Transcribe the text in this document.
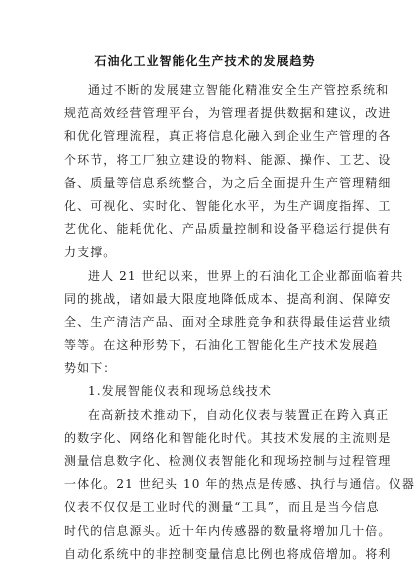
石油化工业智能化生产技术的发展趋势
通过不断的发展建立智能化精准安全生产管控系统和
规范高效经营管理平台，为管理者提供数据和建议，改进
和优化管理流程，真正将信息化融入到企业生产管理的各
个环节，将工厂独立建设的物料、能源、操作、工艺、设
备、质量等信息系统整合，为之后全面提升生产管理精细
化、可视化、实时化、智能化水平，为生产调度指挥、工
艺优化、能耗优化、产品质量控制和设备平稳运行提供有
力支撑。
进人 21 世纪以来，世界上的石油化工企业都面临着共
同的挑战，诸如最大限度地降低成本、提高利润、保障安
全、生产清洁产品、面对全球胜竞争和获得最佳运营业绩
等等。在这种形势下，石油化工智能化生产技术发展趋
势如下：
1.发展智能仪表和现场总线技术
在高新技术推动下，自动化仪表与装置正在跨入真正
的数字化、网络化和智能化时代。其技术发展的主流则是
测量信息数字化、检测仪表智能化和现场控制与过程管理
一体化。21 世纪头 10 年的热点是传感、执行与通信。仪器
仪表不仅仅是工业时代的测量“工具”，而且是当今信息
时代的信息源头。近十年内传感器的数量将增加几十倍。
自动化系统中的非控制变量信息比例也将成倍增加。将利
